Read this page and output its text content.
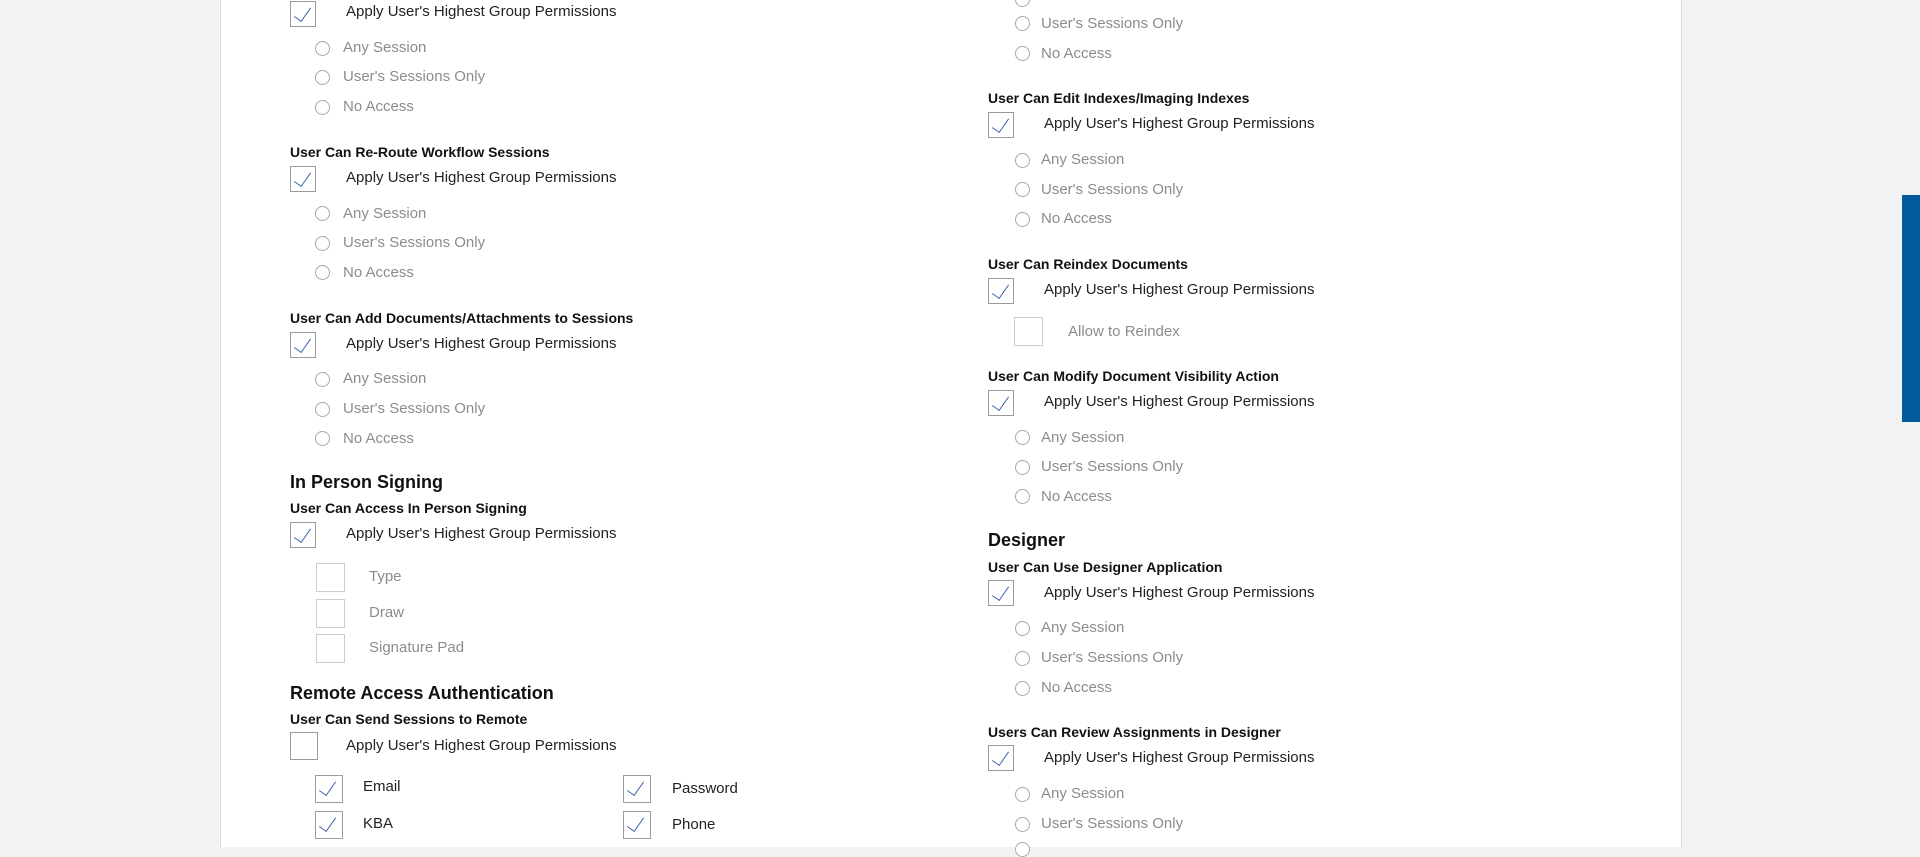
Apply User's Highest Group Permissions
Any Session
User's Sessions Only
No Access
User Can Re-Route Workflow Sessions
Apply User's Highest Group Permissions
Any Session
User's Sessions Only
No Access
User Can Add Documents/Attachments to Sessions
Apply User's Highest Group Permissions
Any Session
User's Sessions Only
No Access
In Person Signing
User Can Access In Person Signing
Apply User's Highest Group Permissions
Type
Draw
Signature Pad
Remote Access Authentication
User Can Send Sessions to Remote
Apply User's Highest Group Permissions
Email	Password
KBA	Phone
User's Sessions Only
No Access
User Can Edit Indexes/Imaging Indexes
Apply User's Highest Group Permissions
Any Session
User's Sessions Only
No Access
User Can Reindex Documents
Apply User's Highest Group Permissions
Allow to Reindex
User Can Modify Document Visibility Action
Apply User's Highest Group Permissions
Any Session
User's Sessions Only
No Access
Designer
User Can Use Designer Application
Apply User's Highest Group Permissions
Any Session
User's Sessions Only
No Access
Users Can Review Assignments in Designer
Apply User's Highest Group Permissions
Any Session
User's Sessions Only
